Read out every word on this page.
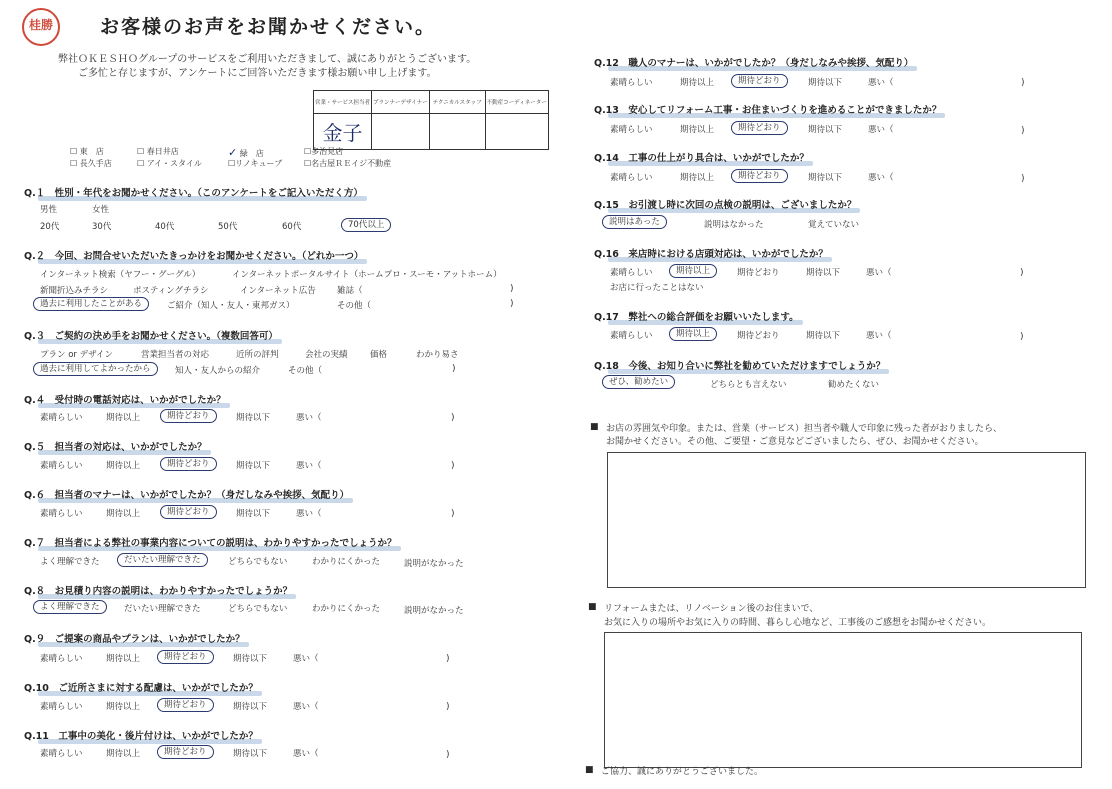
桂勝	お客様のお声をお聞かせください。
弊社ＯＫＥＳＨＯグループのサービスをご利用いただきまして、誠にありがとうございます。
ご多忙と存じますが、アンケートにご回答いただきます様お願い申し上げます。
営業・サービス担当者	プランナーデザイナー	テクニカルスタッフ	不動産コーディネーター
金子			
☐ 東　店	☐ 春日井店	✓ 緑　店	☐多治見店
☐ 長久手店	☐ アイ・スタイル	☐リノキューブ	☐名古屋ＲＥイジ不動産
Q.１　性別・年代をお聞かせください。（このアンケートをご記入いただく方）
男性	女性
20代	30代	40代	50代	60代	70代以上
Q.２　今回、お問合せいただいたきっかけをお聞かせください。（どれか一つ）
インターネット検索（ヤフー・グーグル）	インターネットポータルサイト（ホームプロ・スーモ・アットホーム）
新聞折込みチラシ	ポスティングチラシ	インターネット広告	雑誌（	)
過去に利用したことがある	ご紹介（知人・友人・東邦ガス）	その他（	)
Q.３　ご契約の決め手をお聞かせください。（複数回答可）
プラン or デザイン	営業担当者の対応	近所の評判	会社の実績	価格	わかり易さ
過去に利用してよかったから	知人・友人からの紹介	その他（	)
Q.４　受付時の電話対応は、いかがでしたか？
素晴らしい	期待以上	期待どおり	期待以下	悪い（	)
Q.５　担当者の対応は、いかがでしたか？
素晴らしい	期待以上	期待どおり	期待以下	悪い（	)
Q.６　担当者のマナーは、いかがでしたか？（身だしなみや挨拶、気配り）
素晴らしい	期待以上	期待どおり	期待以下	悪い（	)
Q.７　担当者による弊社の事業内容についての説明は、わかりやすかったでしょうか？
よく理解できた	だいたい理解できた	どちらでもない	わかりにくかった	説明がなかった
Q.８　お見積り内容の説明は、わかりやすかったでしょうか？
よく理解できた	だいたい理解できた	どちらでもない	わかりにくかった	説明がなかった
Q.９　ご提案の商品やプランは、いかがでしたか？
素晴らしい	期待以上	期待どおり	期待以下	悪い（	)
Q.10　ご近所さまに対する配慮は、いかがでしたか？
素晴らしい	期待以上	期待どおり	期待以下	悪い（	)
Q.11　工事中の美化・後片付けは、いかがでしたか？
素晴らしい	期待以上	期待どおり	期待以下	悪い（	)
Q.12　職人のマナーは、いかがでしたか？（身だしなみや挨拶、気配り）
素晴らしい	期待以上	期待どおり	期待以下	悪い（	)
Q.13　安心してリフォーム工事・お住まいづくりを進めることができましたか？
素晴らしい	期待以上	期待どおり	期待以下	悪い（	)
Q.14　工事の仕上がり具合は、いかがでしたか？
素晴らしい	期待以上	期待どおり	期待以下	悪い（	)
Q.15　お引渡し時に次回の点検の説明は、ございましたか？
説明はあった	説明はなかった	覚えていない
Q.16　来店時における店頭対応は、いかがでしたか？
素晴らしい	期待以上	期待どおり	期待以下	悪い（	)
お店に行ったことはない
Q.17　弊社への総合評価をお願いいたします。
素晴らしい	期待以上	期待どおり	期待以下	悪い（	)
Q.18　今後、お知り合いに弊社を勧めていただけますでしょうか？
ぜひ、勧めたい	どちらとも言えない	勧めたくない
■ お店の雰囲気や印象。または、営業（サービス）担当者や職人で印象に残った者がおりましたら、
お聞かせください。その他、ご要望・ご意見などございましたら、ぜひ、お聞かせください。
■ リフォームまたは、リノベーション後のお住まいで、
お気に入りの場所やお気に入りの時間、暮らし心地など、工事後のご感想をお聞かせください。
■ ご協力、誠にありがとうございました。
